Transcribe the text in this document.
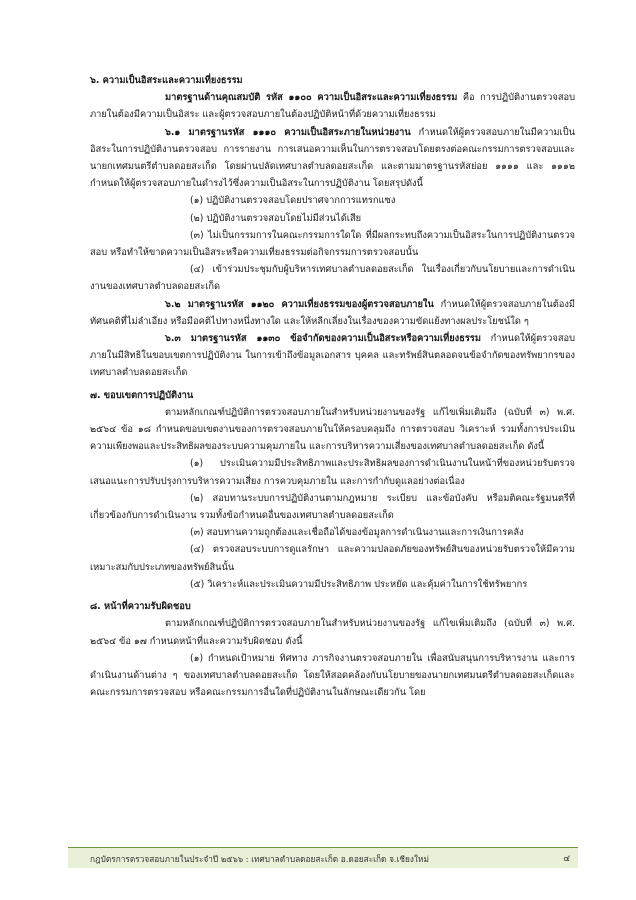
๖. ความเป็นอิสระและความเที่ยงธรรม

มาตรฐานด้านคุณสมบัติ รหัส ๑๑๐๐ ความเป็นอิสระและความเที่ยงธรรม คือ การปฏิบัติงานตรวจสอบภายในต้องมีความเป็นอิสระ และผู้ตรวจสอบภายในต้องปฏิบัติหน้าที่ด้วยความเที่ยงธรรม

๖.๑ มาตรฐานรหัส ๑๑๑๐ ความเป็นอิสระภายในหน่วยงาน กำหนดให้ผู้ตรวจสอบภายในมีความเป็นอิสระในการปฏิบัติงานตรวจสอบ การรายงาน การเสนอความเห็นในการตรวจสอบโดยตรงต่อคณะกรรมการตรวจสอบและนายกเทศมนตรีตำบลดอยสะเก็ด โดยผ่านปลัดเทศบาลตำบลดอยสะเก็ด และตามมาตรฐานรหัสย่อย ๑๑๑๑ และ ๑๑๑๒ กำหนดให้ผู้ตรวจสอบภายในดำรงไว้ซึ่งความเป็นอิสระในการปฏิบัติงาน โดยสรุปดังนี้

(๑) ปฏิบัติงานตรวจสอบโดยปราศจากการแทรกแซง

(๒) ปฏิบัติงานตรวจสอบโดยไม่มีส่วนได้เสีย

(๓) ไม่เป็นกรรมการในคณะกรรมการใดใด ที่มีผลกระทบถึงความเป็นอิสระในการปฏิบัติงานตรวจสอบ หรือทำให้ขาดความเป็นอิสระหรือความเที่ยงธรรมต่อกิจกรรมการตรวจสอบนั้น

(๔) เข้าร่วมประชุมกับผู้บริหารเทศบาลตำบลดอยสะเก็ด ในเรื่องเกี่ยวกับนโยบายและการดำเนินงานของเทศบาลตำบลดอยสะเก็ด

๖.๒ มาตรฐานรหัส ๑๑๒๐ ความเที่ยงธรรมของผู้ตรวจสอบภายใน กำหนดให้ผู้ตรวจสอบภายในต้องมีทัศนคติที่ไม่ลำเอียง หรือมีอคติไปทางหนึ่งทางใด และให้หลีกเลี่ยงในเรื่องของความขัดแย้งทางผลประโยชน์ใด ๆ

๖.๓ มาตรฐานรหัส ๑๑๓๐ ข้อจำกัดของความเป็นอิสระหรือความเที่ยงธรรม กำหนดให้ผู้ตรวจสอบภายในมีสิทธิในขอบเขตการปฏิบัติงาน ในการเข้าถึงข้อมูลเอกสาร บุคคล และทรัพย์สินตลอดจนข้อจำกัดของทรัพยากรของเทศบาลตำบลดอยสะเก็ด

๗. ขอบเขตการปฏิบัติงาน

ตามหลักเกณฑ์ปฏิบัติการตรวจสอบภายในสำหรับหน่วยงานของรัฐ แก้ไขเพิ่มเติมถึง (ฉบับที่ ๓) พ.ศ. ๒๕๖๔ ข้อ ๑๘ กำหนดขอบเขตงานของการตรวจสอบภายในให้ครอบคลุมถึง การตรวจสอบ วิเคราะห์ รวมทั้งการประเมินความเพียงพอและประสิทธิผลของระบบความคุมภายใน และการบริหารความเสี่ยงของเทศบาลตำบลดอยสะเก็ด ดังนี้

(๑) ประเมินความมีประสิทธิภาพและประสิทธิผลของการดำเนินงานในหน้าที่ของหน่วยรับตรวจเสนอแนะการปรับปรุงการบริหารความเสี่ยง การควบคุมภายใน และการกำกับดูแลอย่างต่อเนื่อง

(๒) สอบทานระบบการปฏิบัติงานตามกฎหมาย ระเบียบ และข้อบังคับ หรือมติคณะรัฐมนตรีที่เกี่ยวข้องกับการดำเนินงาน รวมทั้งข้อกำหนดอื่นของเทศบาลตำบลดอยสะเก็ด

(๓) สอบทานความถูกต้องและเชื่อถือได้ของข้อมูลการดำเนินงานและการเงินการคลัง

(๔) ตรวจสอบระบบการดูแลรักษา และความปลอดภัยของทรัพย์สินของหน่วยรับตรวจให้มีความเหมาะสมกับประเภทของทรัพย์สินนั้น

(๕) วิเคราะห์และประเมินความมีประสิทธิภาพ ประหยัด และคุ้มค่าในการใช้ทรัพยากร

๘. หน้าที่ความรับผิดชอบ

ตามหลักเกณฑ์ปฏิบัติการตรวจสอบภายในสำหรับหน่วยงานของรัฐ แก้ไขเพิ่มเติมถึง (ฉบับที่ ๓) พ.ศ. ๒๕๖๔ ข้อ ๑๗ กำหนดหน้าที่และความรับผิดชอบ ดังนี้

(๑) กำหนดเป้าหมาย ทิศทาง ภารกิจงานตรวจสอบภายใน เพื่อสนับสนุนการบริหารงาน และการดำเนินงานด้านต่าง ๆ ของเทศบาลตำบลดอยสะเก็ด โดยให้สอดคล้องกับนโยบายของนายกเทศมนตรีตำบลดอยสะเก็ดและคณะกรรมการตรวจสอบ หรือคณะกรรมการอื่นใดที่ปฏิบัติงานในลักษณะเดียวกัน โดย

กฎบัตรการตรวจสอบภายในประจำปี ๒๕๖๖ : เทศบาลตำบลดอยสะเก็ด อ.ดอยสะเก็ด จ.เชียงใหม่	๔
